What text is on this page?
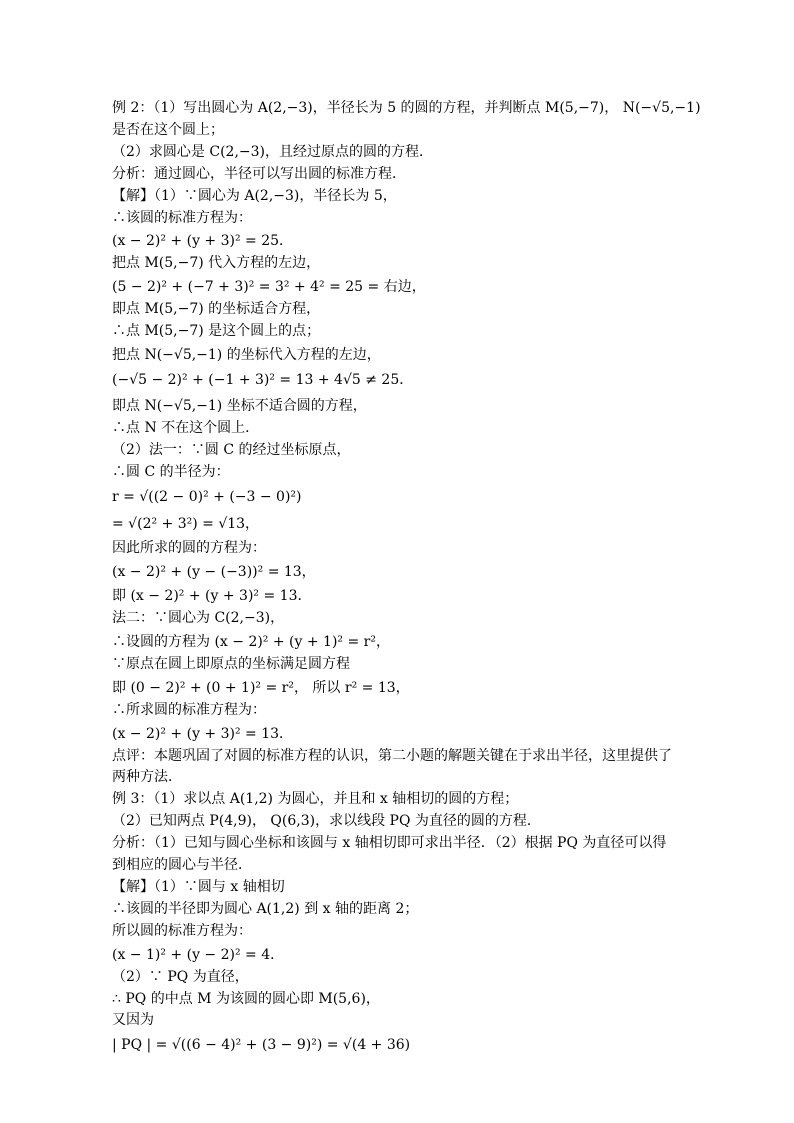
例 2：（1）写出圆心为 A(2,−3)，半径长为 5 的圆的方程，并判断点 M(5,−7)， N(−√5,−1)
是否在这个圆上；
（2）求圆心是 C(2,−3)，且经过原点的圆的方程．
分析：通过圆心，半径可以写出圆的标准方程．
【解】（1）∵圆心为 A(2,−3)，半径长为 5，
∴该圆的标准方程为：
(x − 2)² + (y + 3)² = 25．
把点 M(5,−7) 代入方程的左边，
(5 − 2)² + (−7 + 3)² = 3² + 4² = 25 = 右边，
即点 M(5,−7) 的坐标适合方程，
∴点 M(5,−7) 是这个圆上的点；
把点 N(−√5,−1) 的坐标代入方程的左边，
(−√5 − 2)² + (−1 + 3)² = 13 + 4√5 ≠ 25．
即点 N(−√5,−1) 坐标不适合圆的方程，
∴点 N 不在这个圆上．
（2）法一：∵圆 C 的经过坐标原点，
∴圆 C 的半径为：
r = √((2 − 0)² + (−3 − 0)²)
= √(2² + 3²) = √13，
因此所求的圆的方程为：
(x − 2)² + (y − (−3))² = 13，
即 (x − 2)² + (y + 3)² = 13．
法二：∵圆心为 C(2,−3)，
∴设圆的方程为 (x − 2)² + (y + 1)² = r²，
∵原点在圆上即原点的坐标满足圆方程
即 (0 − 2)² + (0 + 1)² = r²， 所以 r² = 13，
∴所求圆的标准方程为：
(x − 2)² + (y + 3)² = 13．
点评：本题巩固了对圆的标准方程的认识，第二小题的解题关键在于求出半径，这里提供了
两种方法．
例 3：（1）求以点 A(1,2) 为圆心，并且和 x 轴相切的圆的方程；
（2）已知两点 P(4,9)， Q(6,3)，求以线段 PQ 为直径的圆的方程．
分析：（1）已知与圆心坐标和该圆与 x 轴相切即可求出半径．（2）根据 PQ 为直径可以得
到相应的圆心与半径．
【解】（1）∵圆与 x 轴相切
∴该圆的半径即为圆心 A(1,2) 到 x 轴的距离 2；
所以圆的标准方程为：
(x − 1)² + (y − 2)² = 4．
（2）∵ PQ 为直径，
∴ PQ 的中点 M 为该圆的圆心即 M(5,6)，
又因为
| PQ | = √((6 − 4)² + (3 − 9)²) = √(4 + 36)
